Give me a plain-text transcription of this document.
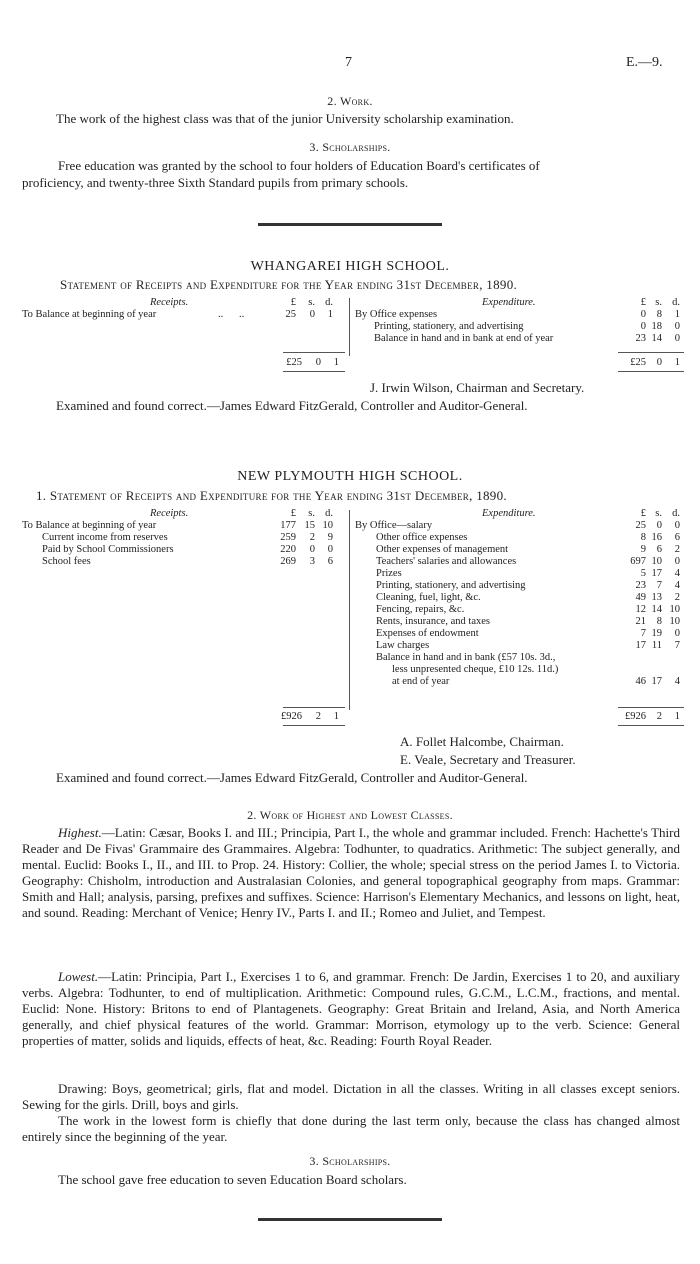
7	E.—9.
2. Work.
The work of the highest class was that of the junior University scholarship examination.
3. Scholarships.
Free education was granted by the school to four holders of Education Board's certificates of
proficiency, and twenty-three Sixth Standard pupils from primary schools.
WHANGAREI HIGH SCHOOL.
Statement of Receipts and Expenditure for the Year ending 31st December, 1890.
Receipts.	£	s. d.	Expenditure.	£ s. d.
To Balance at beginning of year	..      ..	25	0	1 By Office expenses	0	8	1
Printing, stationery, and advertising	0 18	0
Balance in hand and in bank at end of year	23 14	0
£25	0	1	£25	0	1
J. Irwin Wilson, Chairman and Secretary.
Examined and found correct.—James Edward FitzGerald, Controller and Auditor-General.
NEW PLYMOUTH HIGH SCHOOL.
1. Statement of Receipts and Expenditure for the Year ending 31st December, 1890.
Receipts.	£	s. d.	Expenditure.	£ s. d.
To Balance at beginning of year	177 15 10
Current income from reserves	259	2	9
Paid by School Commissioners	220	0	0
School fees	269	3	6
By Office—salary	25	0	0
Other office expenses	8 16	6
Other expenses of management	9	6	2
Teachers' salaries and allowances	697 10	0
Prizes	5 17	4
Printing, stationery, and advertising	23	7	4
Cleaning, fuel, light, &c.	49 13	2
Fencing, repairs, &c.	12 14 10
Rents, insurance, and taxes	21	8 10
Expenses of endowment	7 19	0
Law charges	17 11	7
Balance in hand and in bank (£57 10s. 3d.,
less unpresented cheque, £10 12s. 11d.)
at end of year	46 17	4
£926	2	1	£926	2	1
A. Follet Halcombe, Chairman.
E. Veale, Secretary and Treasurer.
Examined and found correct.—James Edward FitzGerald, Controller and Auditor-General.
2. Work of Highest and Lowest Classes.
Highest.—Latin: Cæsar, Books I. and III.; Principia, Part I., the whole and grammar included. French: Hachette's Third Reader and De Fivas' Grammaire des Grammaires. Algebra: Todhunter, to quadratics. Arithmetic: The subject generally, and mental. Euclid: Books I., II., and III. to Prop. 24. History: Collier, the whole; special stress on the period James I. to Victoria. Geography: Chisholm, introduction and Australasian Colonies, and general topographical geography from maps. Grammar: Smith and Hall; analysis, parsing, prefixes and suffixes. Science: Harrison's Elementary Mechanics, and lessons on light, heat, and sound. Reading: Merchant of Venice; Henry IV., Parts I. and II.; Romeo and Juliet, and Tempest.
Lowest.—Latin: Principia, Part I., Exercises 1 to 6, and grammar. French: De Jardin, Exercises 1 to 20, and auxiliary verbs. Algebra: Todhunter, to end of multiplication. Arithmetic: Compound rules, G.C.M., L.C.M., fractions, and mental. Euclid: None. History: Britons to end of Plantagenets. Geography: Great Britain and Ireland, Asia, and North America generally, and chief physical features of the world. Grammar: Morrison, etymology up to the verb. Science: General properties of matter, solids and liquids, effects of heat, &c. Reading: Fourth Royal Reader.
Drawing: Boys, geometrical; girls, flat and model. Dictation in all the classes. Writing in all classes except seniors. Sewing for the girls. Drill, boys and girls.
The work in the lowest form is chiefly that done during the last term only, because the class has changed almost entirely since the beginning of the year.
3. Scholarships.
The school gave free education to seven Education Board scholars.
